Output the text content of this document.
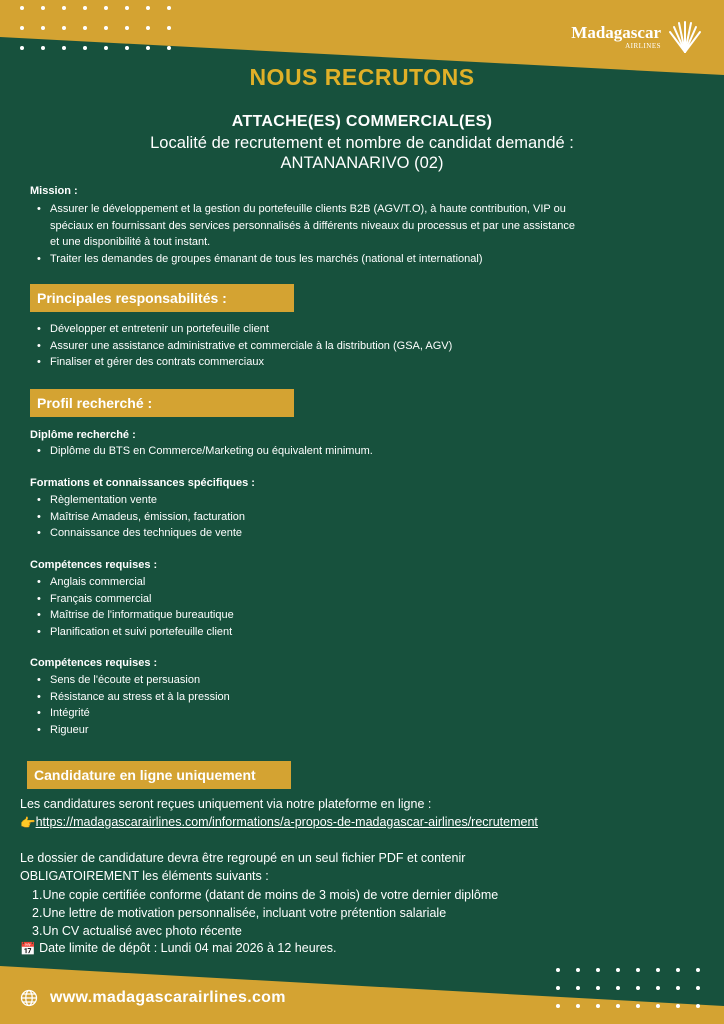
Madagascar
AIRLINES
NOUS RECRUTONS
ATTACHE(ES) COMMERCIAL(ES)
Localité de recrutement et nombre de candidat demandé :
ANTANANARIVO (02)
Mission :
• Assurer le développement et la gestion du portefeuille clients B2B (AGV/T.O), à haute contribution, VIP ou
spéciaux en fournissant des services personnalisés à différents niveaux du processus et par une assistance
et une disponibilité à tout instant.
• Traiter les demandes de groupes émanant de tous les marchés (national et international)
Principales responsabilités :
• Développer et entretenir un portefeuille client
• Assurer une assistance administrative et commerciale à la distribution (GSA, AGV)
• Finaliser et gérer des contrats commerciaux
Profil recherché :
Diplôme recherché :
• Diplôme du BTS en Commerce/Marketing ou équivalent minimum.
Formations et connaissances spécifiques :
• Règlementation vente
• Maîtrise Amadeus, émission, facturation
• Connaissance des techniques de vente
Compétences requises :
• Anglais commercial
• Français commercial
• Maîtrise de l'informatique bureautique
• Planification et suivi portefeuille client
Compétences requises :
• Sens de l'écoute et persuasion
• Résistance au stress et à la pression
• Intégrité
• Rigueur
Candidature en ligne uniquement
Les candidatures seront reçues uniquement via notre plateforme en ligne :
👉https://madagascarairlines.com/informations/a-propos-de-madagascar-airlines/recrutement
Le dossier de candidature devra être regroupé en un seul fichier PDF et contenir
OBLIGATOIREMENT les éléments suivants :
1.Une copie certifiée conforme (datant de moins de 3 mois) de votre dernier diplôme
2.Une lettre de motivation personnalisée, incluant votre prétention salariale
3.Un CV actualisé avec photo récente
📅 Date limite de dépôt : Lundi 04 mai 2026 à 12 heures.
www.madagascarairlines.com
